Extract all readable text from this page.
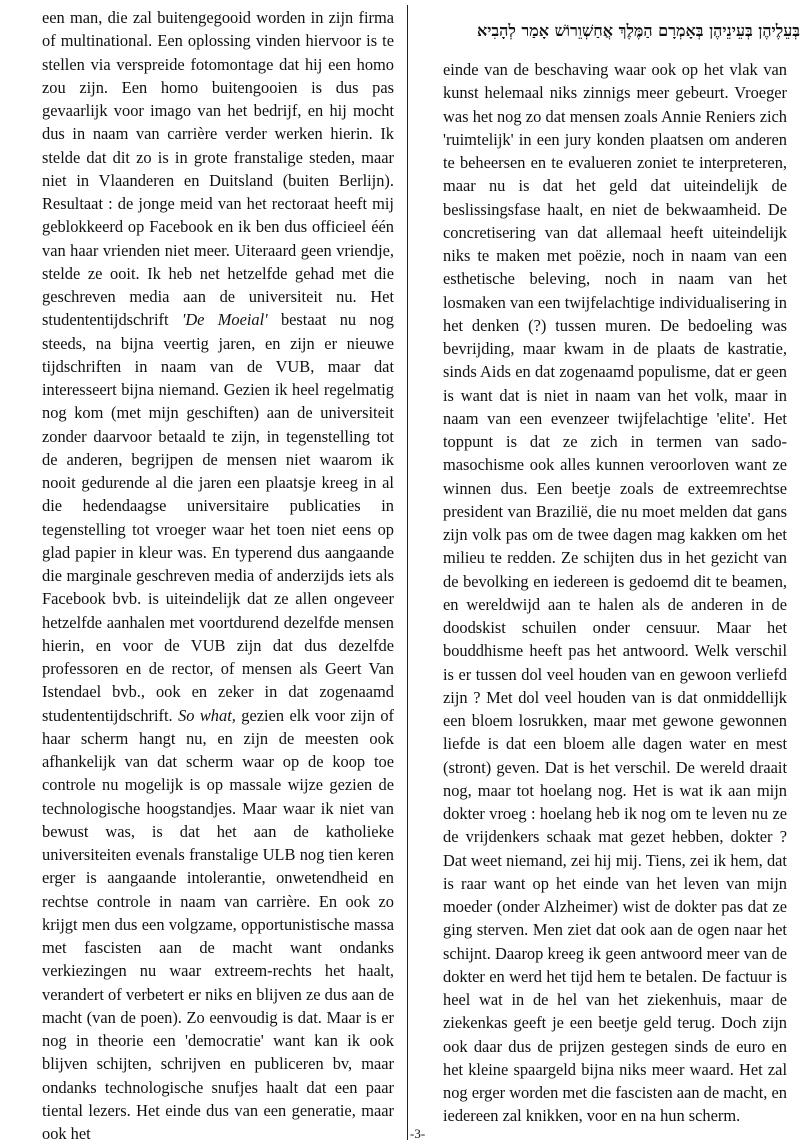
בְּעֵלֶיהֶן בְּעֵינֵיהֶן בְּאָמְרָם הַמֶּלֶךְ אֲחַשְׁוֵרוֹשׁ אָמַר לְהָבִיא

een man, die zal buitengegooid worden in zijn firma of multinational. Een oplossing vinden hiervoor is te stellen via verspreide fotomontage dat hij een homo zou zijn. Een homo buitengooien is dus pas gevaarlijk voor imago van het bedrijf, en hij mocht dus in naam van carrière verder werken hierin. Ik stelde dat dit zo is in grote franstalige steden, maar niet in Vlaanderen en Duitsland (buiten Berlijn). Resultaat : de jonge meid van het rectoraat heeft mij geblokkeerd op Facebook en ik ben dus officieel één van haar vrienden niet meer. Uiteraard geen vriendje, stelde ze ooit. Ik heb net hetzelfde gehad met die geschreven media aan de universiteit nu. Het studententijdschrift 'De Moeial' bestaat nu nog steeds, na bijna veertig jaren, en zijn er nieuwe tijdschriften in naam van de VUB, maar dat interesseert bijna niemand. Gezien ik heel regelmatig nog kom (met mijn geschiften) aan de universiteit zonder daarvoor betaald te zijn, in tegenstelling tot de anderen, begrijpen de mensen niet waarom ik nooit gedurende al die jaren een plaatsje kreeg in al die hedendaagse universitaire publicaties in tegenstelling tot vroeger waar het toen niet eens op glad papier in kleur was. En typerend dus aangaande die marginale geschreven media of anderzijds iets als Facebook bvb. is uiteindelijk dat ze allen ongeveer hetzelfde aanhalen met voortdurend dezelfde mensen hierin, en voor de VUB zijn dat dus dezelfde professoren en de rector, of mensen als Geert Van Istendael bvb., ook en zeker in dat zogenaamd studententijdschrift. So what, gezien elk voor zijn of haar scherm hangt nu, en zijn de meesten ook afhankelijk van dat scherm waar op de koop toe controle nu mogelijk is op massale wijze gezien de technologische hoogstandjes. Maar waar ik niet van bewust was, is dat het aan de katholieke universiteiten evenals franstalige ULB nog tien keren erger is aangaande intolerantie, onwetendheid en rechtse controle in naam van carrière. En ook zo krijgt men dus een volgzame, opportunistische massa met fascisten aan de macht want ondanks verkiezingen nu waar extreem-rechts het haalt, verandert of verbetert er niks en blijven ze dus aan de macht (van de poen). Zo eenvoudig is dat. Maar is er nog in theorie een 'democratie' want kan ik ook blijven schijten, schrijven en publiceren bv, maar ondanks technologische snufjes haalt dat een paar tiental lezers. Het einde dus van een generatie, maar ook het

einde van de beschaving waar ook op het vlak van kunst helemaal niks zinnigs meer gebeurt. Vroeger was het nog zo dat mensen zoals Annie Reniers zich 'ruimtelijk' in een jury konden plaatsen om anderen te beheersen en te evalueren zoniet te interpreteren, maar nu is dat het geld dat uiteindelijk de beslissingsfase haalt, en niet de bekwaamheid. De concretisering van dat allemaal heeft uiteindelijk niks te maken met poëzie, noch in naam van een esthetische beleving, noch in naam van het losmaken van een twijfelachtige individualisering in het denken (?) tussen muren. De bedoeling was bevrijding, maar kwam in de plaats de kastratie, sinds Aids en dat zogenaamd populisme, dat er geen is want dat is niet in naam van het volk, maar in naam van een evenzeer twijfelachtige 'elite'. Het toppunt is dat ze zich in termen van sado-masochisme ook alles kunnen veroorloven want ze winnen dus. Een beetje zoals de extreemrechtse president van Brazilië, die nu moet melden dat gans zijn volk pas om de twee dagen mag kakken om het milieu te redden. Ze schijten dus in het gezicht van de bevolking en iedereen is gedoemd dit te beamen, en wereldwijd aan te halen als de anderen in de doodskist schuilen onder censuur. Maar het bouddhisme heeft pas het antwoord. Welk verschil is er tussen dol veel houden van en gewoon verliefd zijn ? Met dol veel houden van is dat onmiddellijk een bloem losrukken, maar met gewone gewonnen liefde is dat een bloem alle dagen water en mest (stront) geven. Dat is het verschil. De wereld draait nog, maar tot hoelang nog. Het is wat ik aan mijn dokter vroeg : hoelang heb ik nog om te leven nu ze de vrijdenkers schaak mat gezet hebben, dokter ? Dat weet niemand, zei hij mij. Tiens, zei ik hem, dat is raar want op het einde van het leven van mijn moeder (onder Alzheimer) wist de dokter pas dat ze ging sterven. Men ziet dat ook aan de ogen naar het schijnt. Daarop kreeg ik geen antwoord meer van de dokter en werd het tijd hem te betalen. De factuur is heel wat in de hel van het ziekenhuis, maar de ziekenkas geeft je een beetje geld terug. Doch zijn ook daar dus de prijzen gestegen sinds de euro en het kleine spaargeld bijna niks meer waard. Het zal nog erger worden met die fascisten aan de macht, en iedereen zal knikken, voor en na hun scherm.

-3-
